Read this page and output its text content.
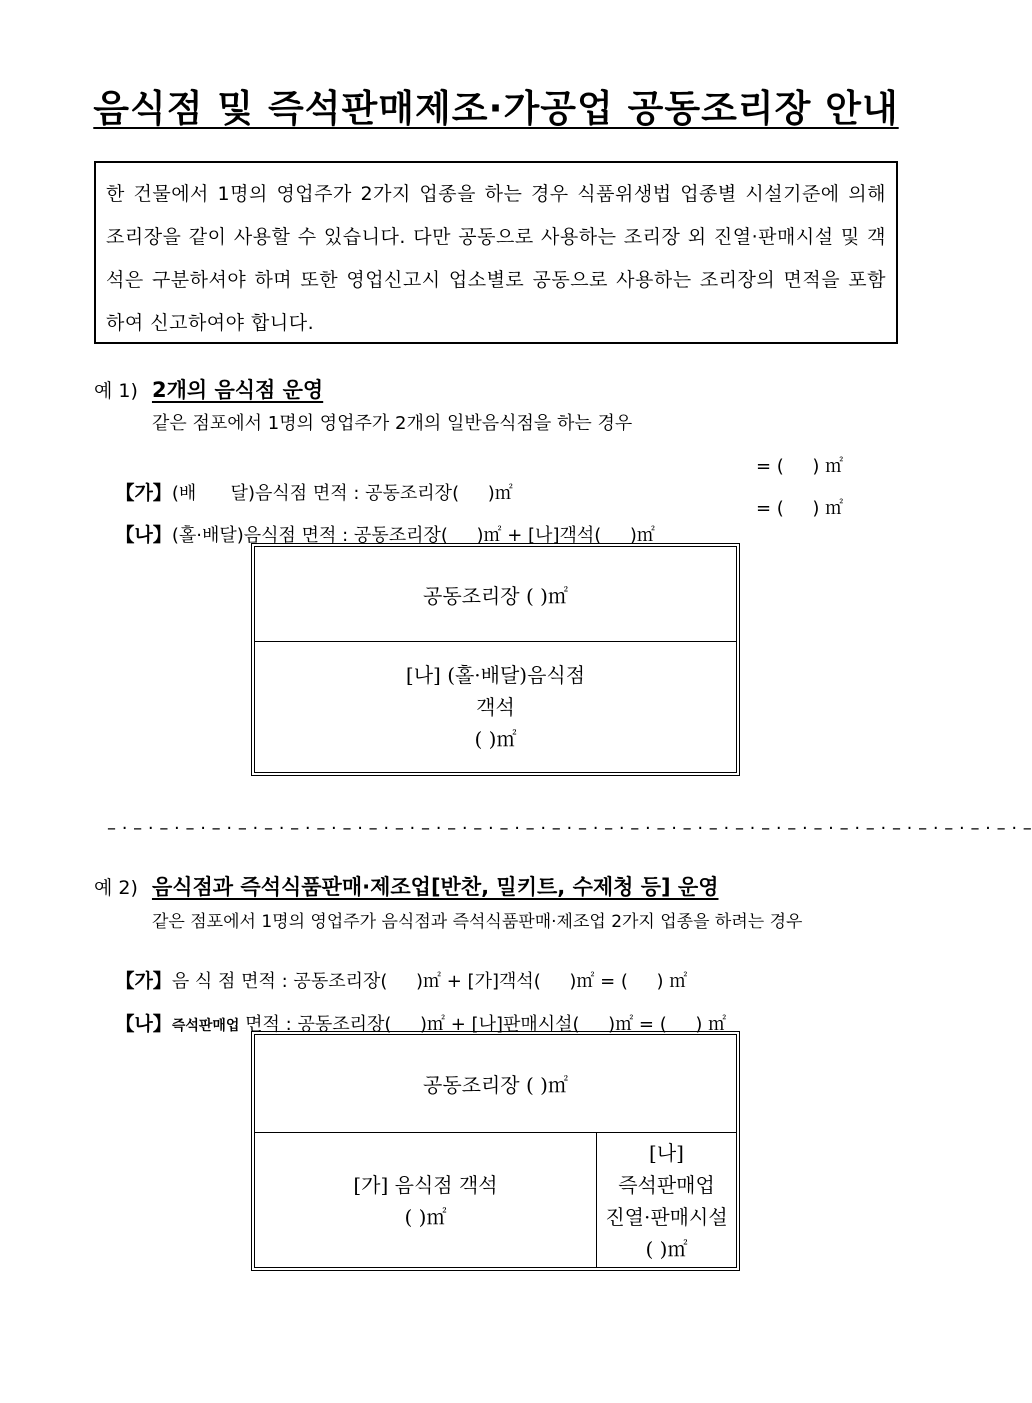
음식점 및 즉석판매제조·가공업 공동조리장 안내
한 건물에서 1명의 영업주가 2가지 업종을 하는 경우 식품위생법 업종별 시설기준에 의해 조리장을 같이 사용할 수 있습니다. 다만 공동으로 사용하는 조리장 외 진열·판매시설 및 객석은 구분하셔야 하며 또한 영업신고시 업소별로 공동으로 사용하는 조리장의 면적을 포함하여 신고하여야 합니다.
예 1) 2개의 음식점 운영
같은 점포에서 1명의 영업주가 2개의 일반음식점을 하는 경우

【가】(배      달)음식점 면적 : 공동조리장(     )㎡

= (     ) ㎡

【나】(홀·배달)음식점 면적 : 공동조리장(     )㎡ + [나]객석(     )㎡

= (     ) ㎡

공동조리장 ( )㎡
[나] (홀·배달)음식점
객석
( )㎡
– · – · – · – · – · – · – · – · – · – · – · – · – · – · – · – · – · – · – · – · – · – · – · – · – · – · – · – · – · – · – · – · – · – · – · –
예 2) 음식점과 즉석식품판매·제조업[반찬, 밀키트, 수제청 등] 운영
같은 점포에서 1명의 영업주가 음식점과 즉석식품판매·제조업 2가지 업종을 하려는 경우

【가】음 식 점 면적 : 공동조리장(     )㎡ + [가]객석(     )㎡ = (     ) ㎡

【나】즉석판매업 면적 : 공동조리장(     )㎡ + [나]판매시설(     )㎡ = (     ) ㎡

공동조리장 ( )㎡
[가] 음식점 객석
( )㎡
[나]
즉석판매업
진열·판매시설
( )㎡
